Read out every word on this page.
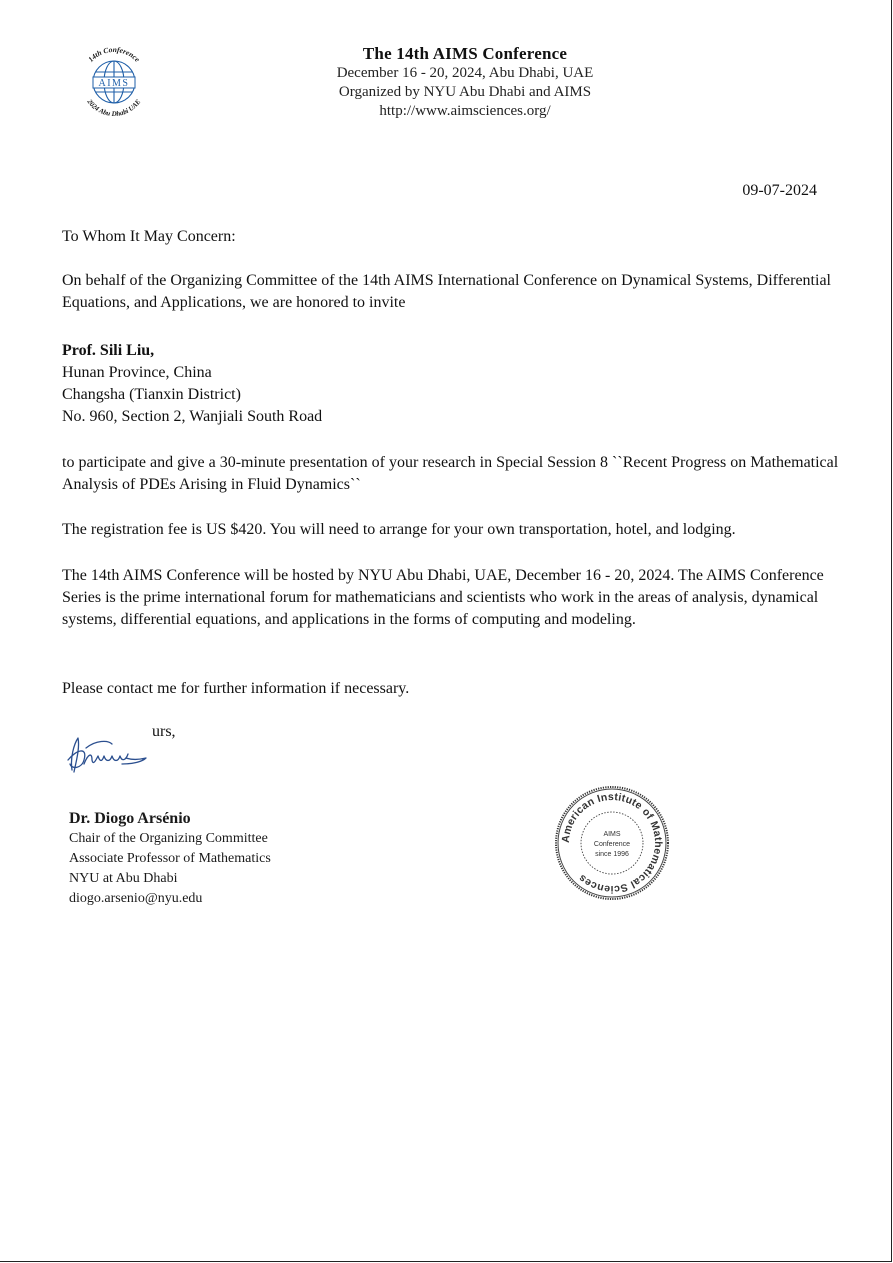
AIMS
14th Conference
2024 Abu Dhabi UAE
The 14th AIMS Conference
December 16 - 20, 2024, Abu Dhabi, UAE
Organized by NYU Abu Dhabi and AIMS
http://www.aimsciences.org/
09-07-2024

To Whom It May Concern:

On behalf of the Organizing Committee of the 14th AIMS International Conference on Dynamical Systems, Differential Equations, and Applications, we are honored to invite

Prof. Sili Liu,
Hunan Province, China
Changsha (Tianxin District)
No. 960, Section 2, Wanjiali South Road

to participate and give a 30-minute presentation of your research in Special Session 8 ``Recent Progress on Mathematical Analysis of PDEs Arising in Fluid Dynamics``

The registration fee is US $420. You will need to arrange for your own transportation, hotel, and lodging.

The 14th AIMS Conference will be hosted by NYU Abu Dhabi, UAE, December 16 - 20, 2024. The AIMS Conference Series is the prime international forum for mathematicians and scientists who work in the areas of analysis, dynamical systems, differential equations, and applications in the forms of computing and modeling.

Please contact me for further information if necessary.

urs,
Dr. Diogo Arsénio
Chair of the Organizing Committee
Associate Professor of Mathematics
NYU at Abu Dhabi
diogo.arsenio@nyu.edu
American Institute of Mathematical Sciences
AIMS
Conference
since 1996
